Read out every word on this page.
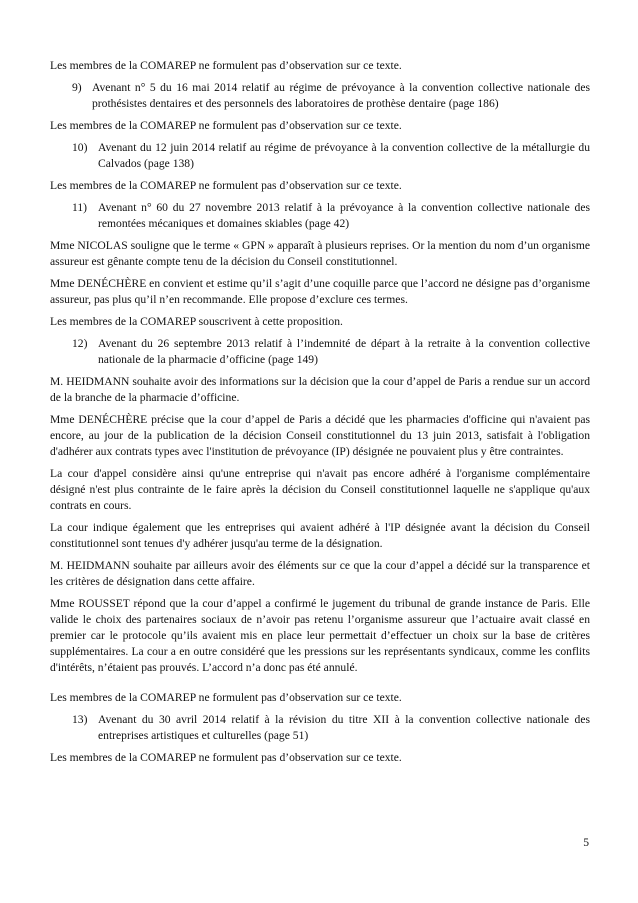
Les membres de la COMAREP ne formulent pas d’observation sur ce texte.

9) Avenant n° 5 du 16 mai 2014 relatif au régime de prévoyance à la convention collective nationale des prothésistes dentaires et des personnels des laboratoires de prothèse dentaire (page 186)

Les membres de la COMAREP ne formulent pas d’observation sur ce texte.

10) Avenant du 12 juin 2014 relatif au régime de prévoyance à la convention collective de la métallurgie du Calvados (page 138)

Les membres de la COMAREP ne formulent pas d’observation sur ce texte.

11) Avenant n° 60 du 27 novembre 2013 relatif à la prévoyance à la convention collective nationale des remontées mécaniques et domaines skiables (page 42)

Mme NICOLAS souligne que le terme « GPN » apparaît à plusieurs reprises. Or la mention du nom d’un organisme assureur est gênante compte tenu de la décision du Conseil constitutionnel.

Mme DENÉCHÈRE en convient et estime qu’il s’agit d’une coquille parce que l’accord ne désigne pas d’organisme assureur, pas plus qu’il n’en recommande. Elle propose d’exclure ces termes.

Les membres de la COMAREP souscrivent à cette proposition.

12) Avenant du 26 septembre 2013 relatif à l’indemnité de départ à la retraite à la convention collective nationale de la pharmacie d’officine (page 149)

M. HEIDMANN souhaite avoir des informations sur la décision que la cour d’appel de Paris a rendue sur un accord de la branche de la pharmacie d’officine.

Mme DENÉCHÈRE précise que la cour d’appel de Paris a décidé que les pharmacies d'officine qui n'avaient pas encore, au jour de la publication de la décision Conseil constitutionnel du 13 juin 2013, satisfait à l'obligation d'adhérer aux contrats types avec l'institution de prévoyance (IP) désignée ne pouvaient plus y être contraintes.

La cour d'appel considère ainsi qu'une entreprise qui n'avait pas encore adhéré à l'organisme complémentaire désigné n'est plus contrainte de le faire après la décision du Conseil constitutionnel laquelle ne s'applique qu'aux contrats en cours.

La cour indique également que les entreprises qui avaient adhéré à l'IP désignée avant la décision du Conseil constitutionnel sont tenues d'y adhérer jusqu'au terme de la désignation.

M. HEIDMANN souhaite par ailleurs avoir des éléments sur ce que la cour d’appel a décidé sur la transparence et les critères de désignation dans cette affaire.

Mme ROUSSET répond que la cour d’appel a confirmé le jugement du tribunal de grande instance de Paris. Elle valide le choix des partenaires sociaux de n’avoir pas retenu l’organisme assureur que l’actuaire avait classé en premier car le protocole qu’ils avaient mis en place leur permettait d’effectuer un choix sur la base de critères supplémentaires. La cour a en outre considéré que les pressions sur les représentants syndicaux, comme les conflits d'intérêts, n’étaient pas prouvés. L’accord n’a donc pas été annulé.

Les membres de la COMAREP ne formulent pas d’observation sur ce texte.

13) Avenant du 30 avril 2014 relatif à la révision du titre XII à la convention collective nationale des entreprises artistiques et culturelles (page 51)

Les membres de la COMAREP ne formulent pas d’observation sur ce texte.

5
